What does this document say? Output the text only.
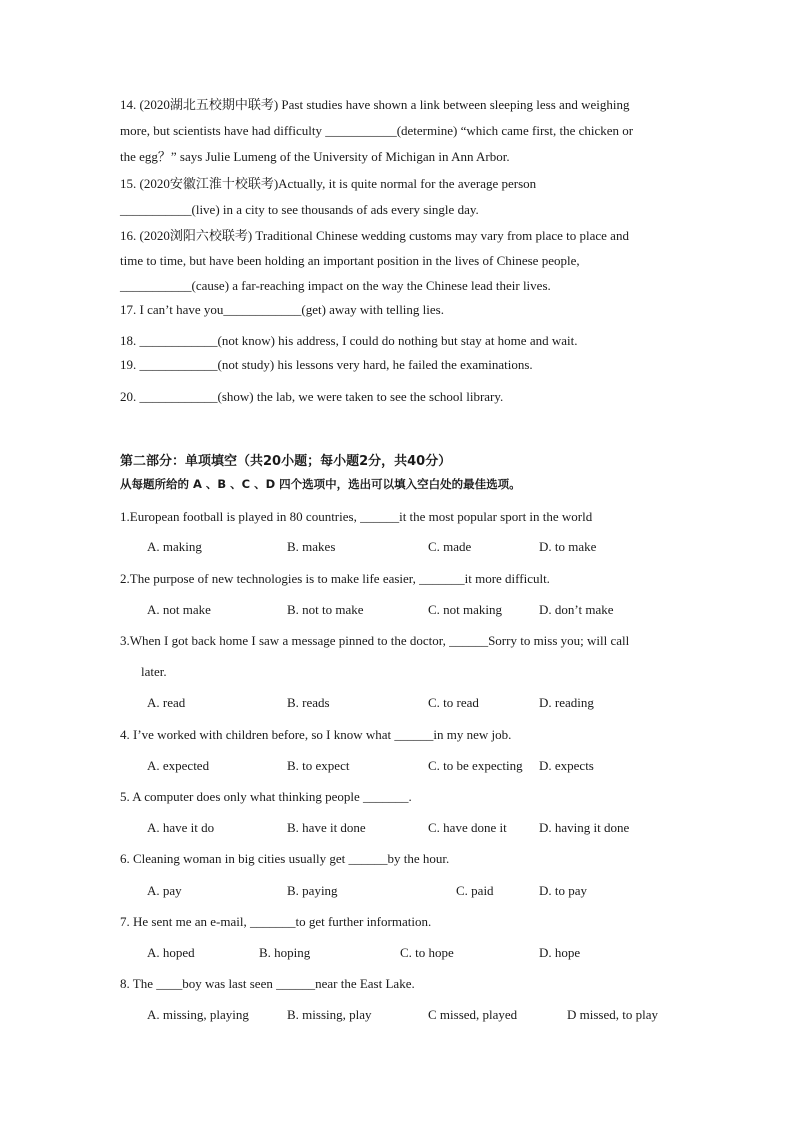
14. (2020湖北五校期中联考) Past studies have shown a link between sleeping less and weighing
more, but scientists have had difficulty ___________(determine) “which came first, the chicken or
the egg？” says Julie Lumeng of the University of Michigan in Ann Arbor.
15. (2020安徽江淮十校联考)Actually, it is quite normal for the average person
___________(live) in a city to see thousands of ads every single day.
16. (2020浏阳六校联考) Traditional Chinese wedding customs may vary from place to place and
time to time, but have been holding an important position in the lives of Chinese people,
___________(cause) a far-reaching impact on the way the Chinese lead their lives.
17. I can’t have you____________(get) away with telling lies.
18. ____________(not know) his address, I could do nothing but stay at home and wait.
19. ____________(not study) his lessons very hard, he failed the examinations.
20. ____________(show) the lab, we were taken to see the school library.
第二部分：单项填空（共20小题；每小题2分，共40分）
从每题所给的 A 、B 、C 、D 四个选项中，选出可以填入空白处的最佳选项。
1.European football is played in 80 countries, ______it the most popular sport in the world
A. making	B. makes	C. made	D. to make
2.The purpose of new technologies is to make life easier, _______it more difficult.
A. not make	B. not to make	C. not making	D. don’t make
3.When I got back home I saw a message pinned to the doctor, ______Sorry to miss you; will call
later.
A. read	B. reads	C. to read	D. reading
4. I’ve worked with children before, so I know what ______in my new job.
A. expected	B. to expect	C. to be expecting D. expects
5. A computer does only what thinking people _______.
A. have it do	B. have it done	C. have done it D. having it done
6. Cleaning woman in big cities usually get ______by the hour.
A. pay	B. paying	C. paid	D. to pay
7. He sent me an e-mail, _______to get further information.
A. hoped	B. hoping	C. to hope	D. hope
8. The ____boy was last seen ______near the East Lake.
A. missing, playing	B. missing, play	C missed, played	D missed, to play
